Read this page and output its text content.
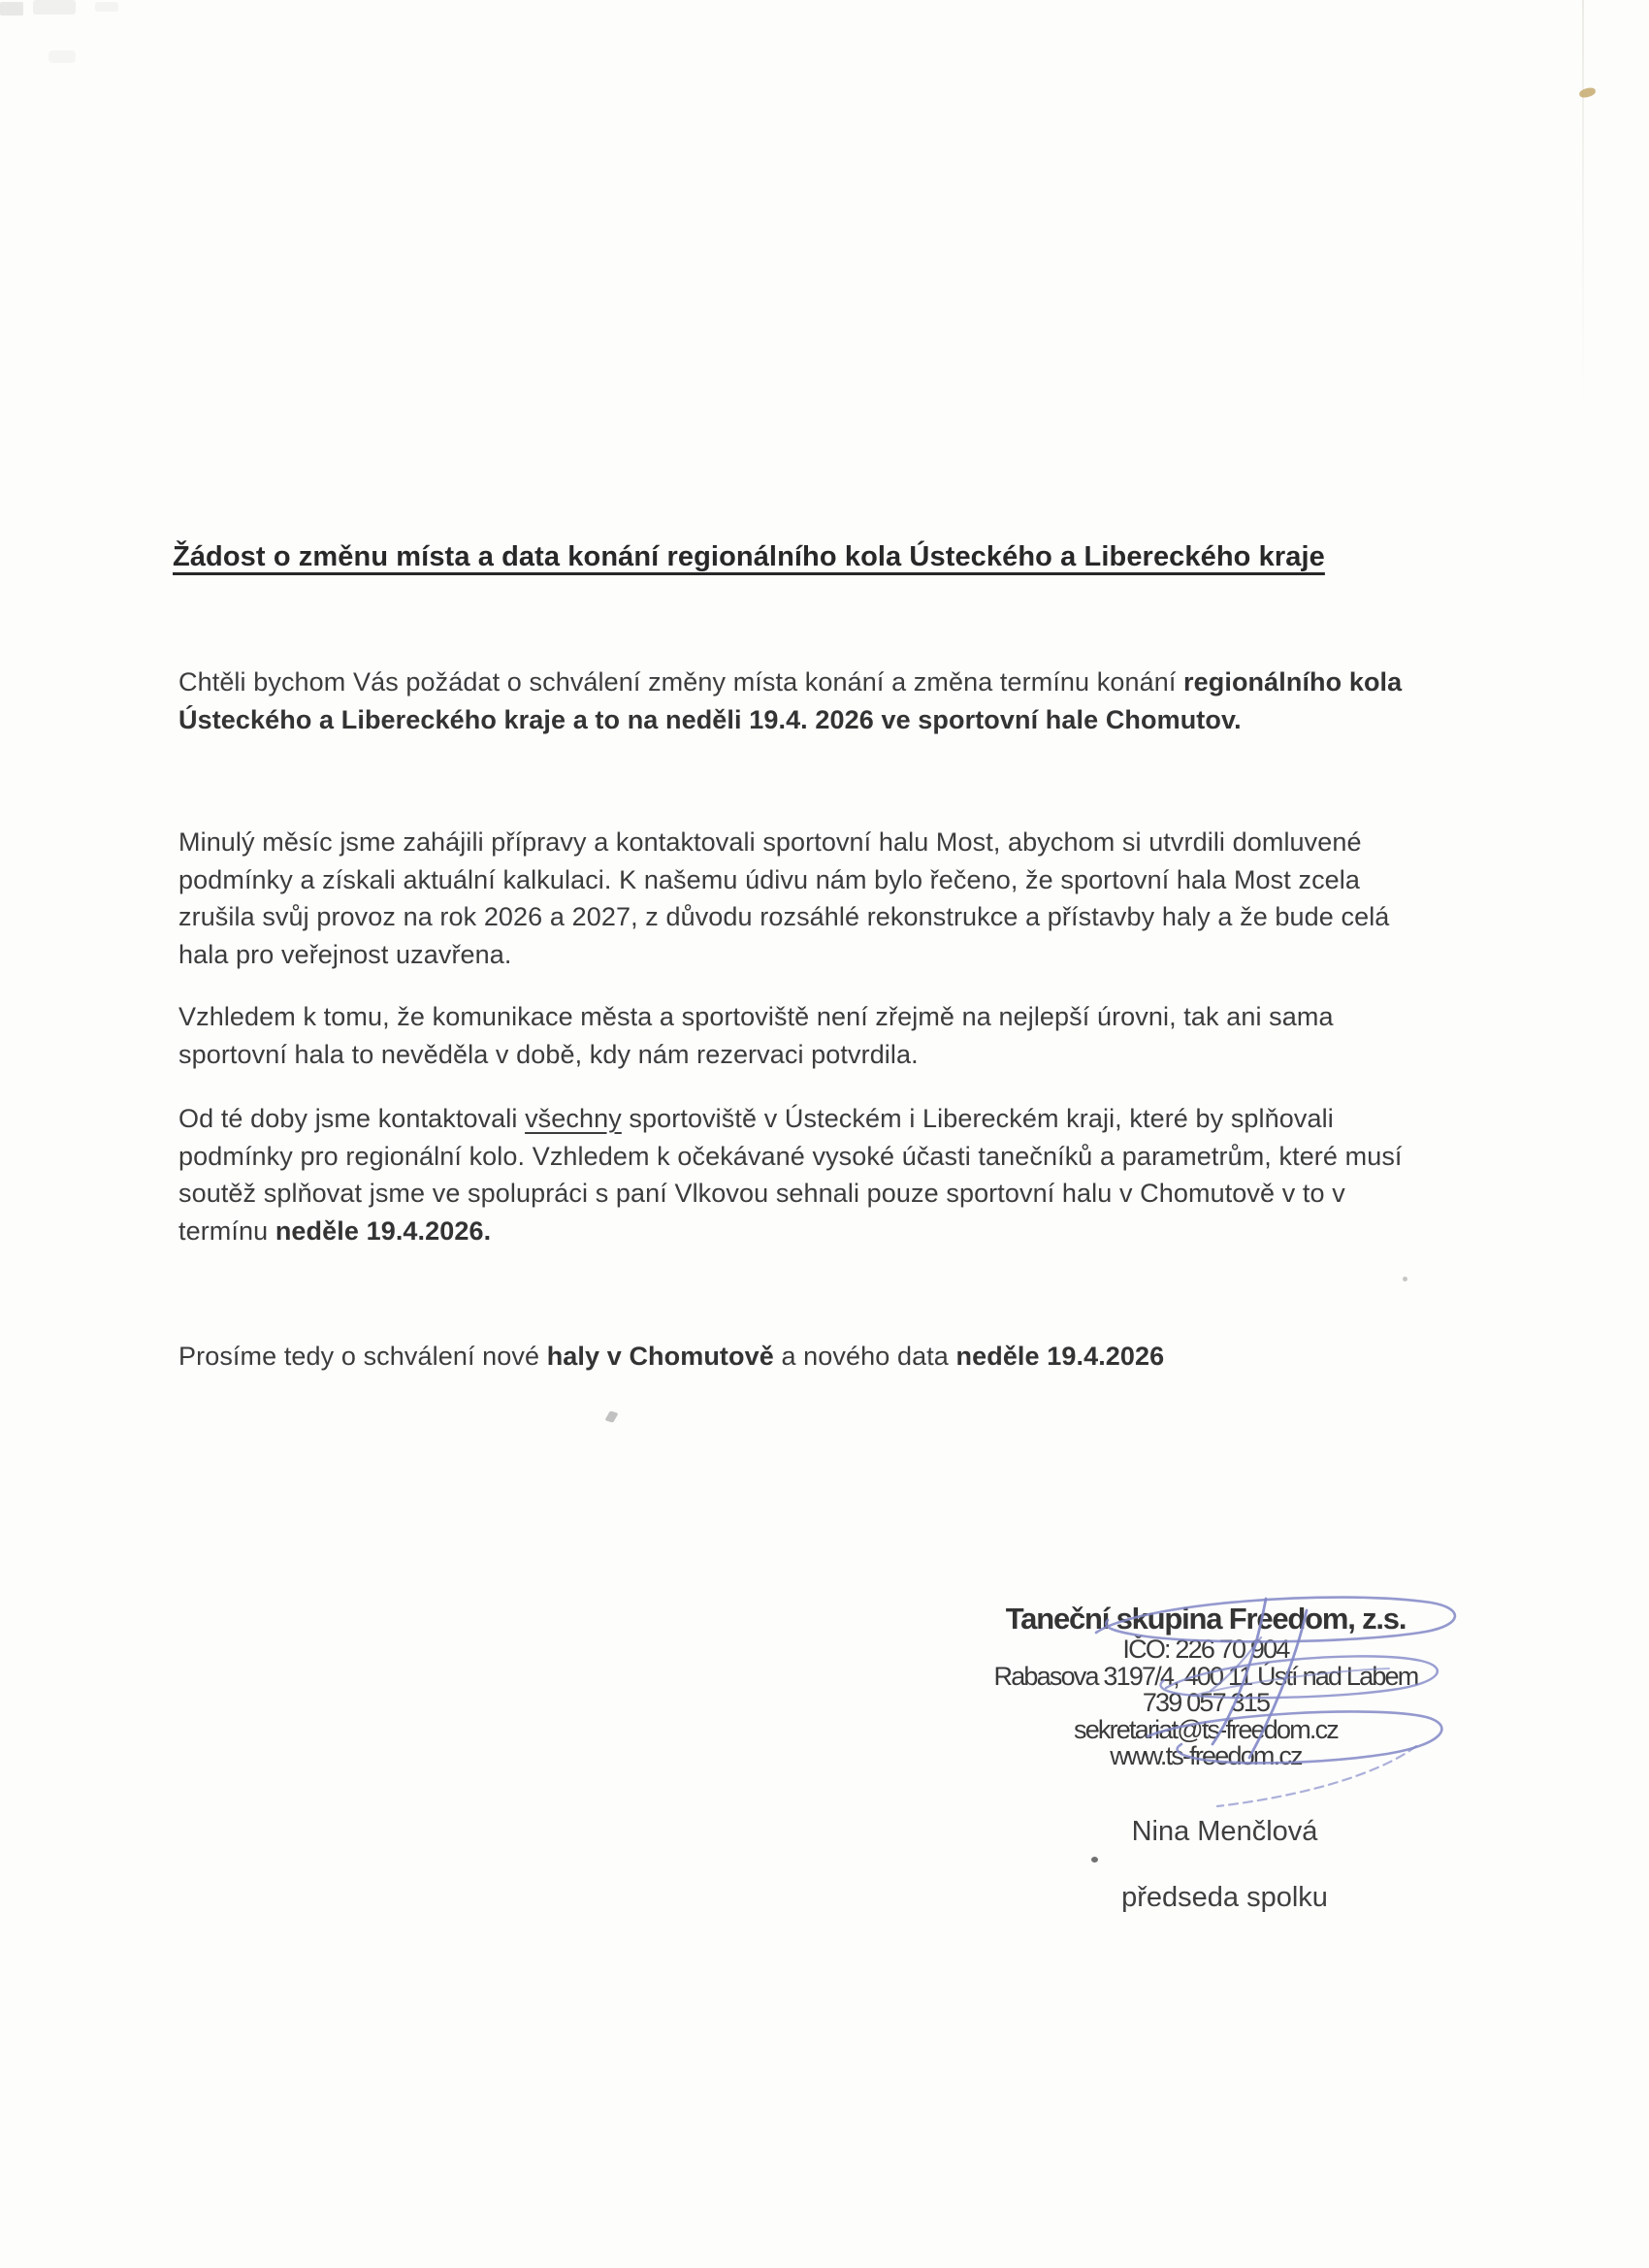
Žádost o změnu místa a data konání regionálního kola Ústeckého a Libereckého kraje

Chtěli bychom Vás požádat o schválení změny místa konání a změna termínu konání regionálního kola Ústeckého a Libereckého kraje a to na neděli 19.4. 2026 ve sportovní hale Chomutov.

Minulý měsíc jsme zahájili přípravy a kontaktovali sportovní halu Most, abychom si utvrdili domluvené podmínky a získali aktuální kalkulaci. K našemu údivu nám bylo řečeno, že sportovní hala Most zcela zrušila svůj provoz na rok 2026 a 2027, z důvodu rozsáhlé rekonstrukce a přístavby haly a že bude celá hala pro veřejnost uzavřena.

Vzhledem k tomu, že komunikace města a sportoviště není zřejmě na nejlepší úrovni, tak ani sama sportovní hala to nevěděla v době, kdy nám rezervaci potvrdila.

Od té doby jsme kontaktovali všechny sportoviště v Ústeckém i Libereckém kraji, které by splňovali podmínky pro regionální kolo. Vzhledem k očekávané vysoké účasti tanečníků a parametrům, které musí soutěž splňovat jsme ve spolupráci s paní Vlkovou sehnali pouze sportovní halu v Chomutově v to v termínu neděle 19.4.2026.

Prosíme tedy o schválení nové haly v Chomutově a nového data neděle 19.4.2026

Taneční skupina Freedom, z.s.
IČO: 226 70 904
Rabasova 3197/4, 400 11 Ústí nad Labem
739 057 315
sekretariat@ts-freedom.cz
www.ts-freedom.cz
Nina Menčlová
předseda spolku
